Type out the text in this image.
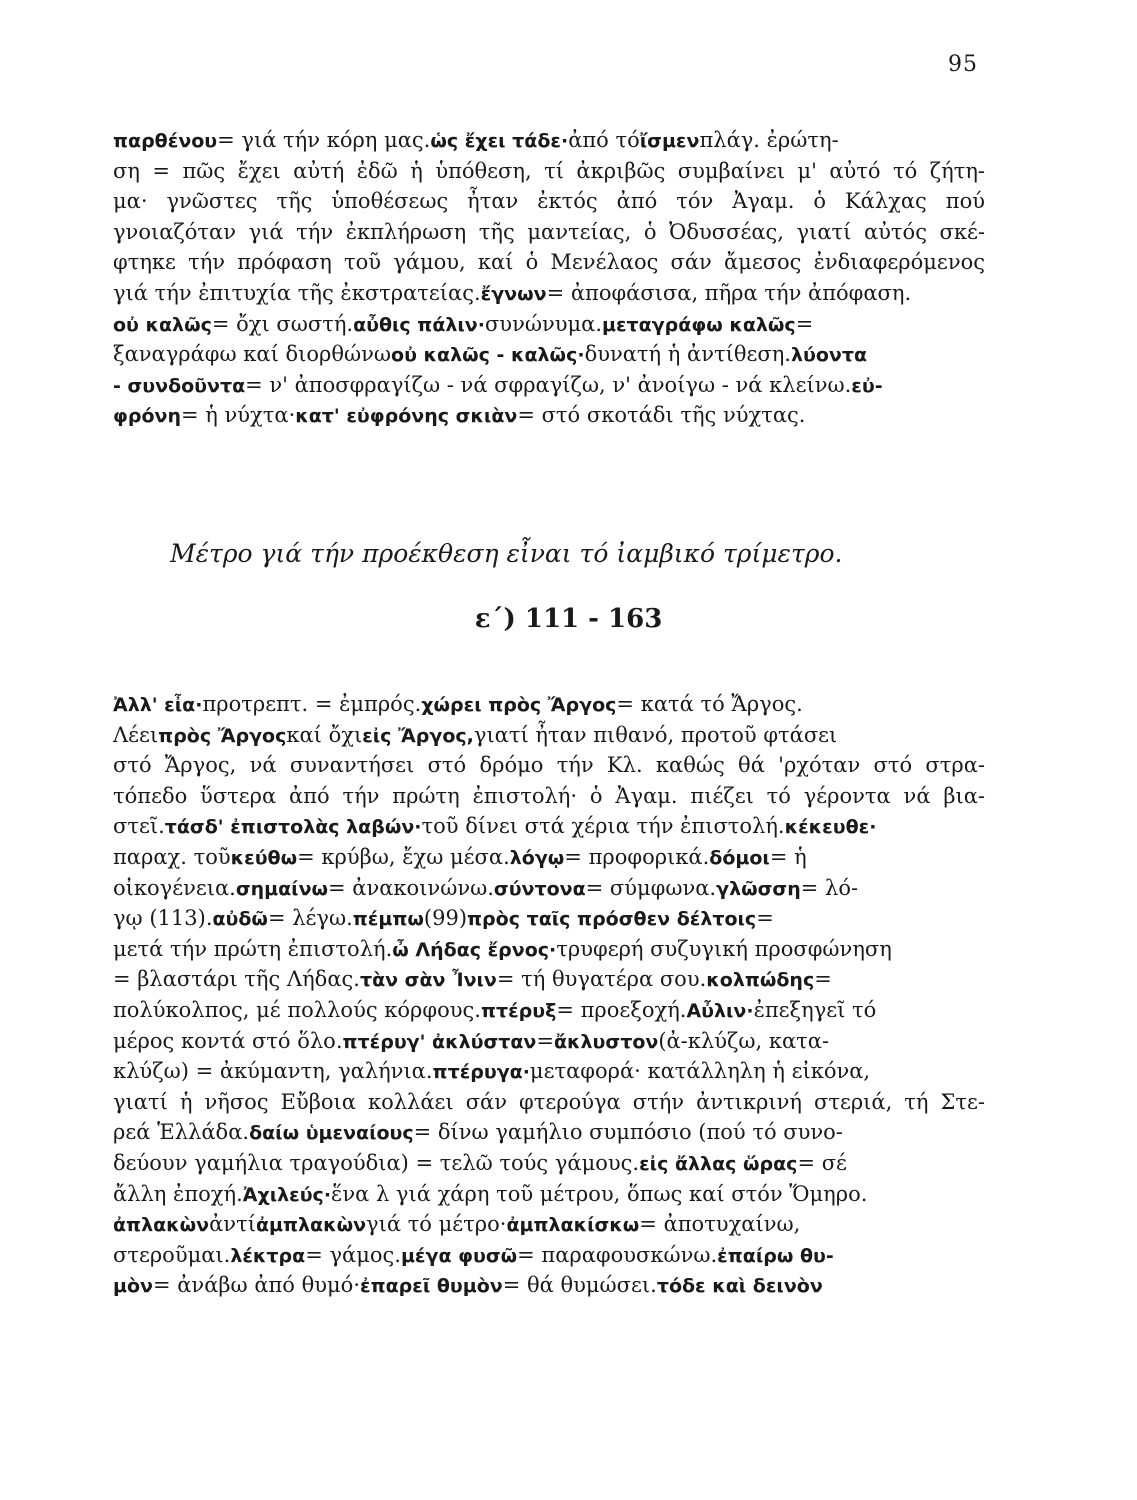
95
παρθένου= γιά τήν κόρη μας.ὡς ἔχει τάδε·ἀπό τόἴσμενπλάγ. ἐρώτη-
ση = πῶς ἔχει αὐτή ἐδῶ ἡ ὑπόθεση, τί ἀκριβῶς συμβαίνει μ' αὐτό τό ζήτη-
μα· γνῶστες τῆς ὑποθέσεως ἦταν ἐκτός ἀπό τόν Ἀγαμ. ὁ Κάλχας πού
γνοιαζόταν γιά τήν ἐκπλήρωση τῆς μαντείας, ὁ Ὀδυσσέας, γιατί αὐτός σκέ-
φτηκε τήν πρόφαση τοῦ γάμου, καί ὁ Μενέλαος σάν ἄμεσος ἐνδιαφερόμενος
γιά τήν ἐπιτυχία τῆς ἐκστρατείας.ἔγνων= ἀποφάσισα, πῆρα τήν ἀπόφαση.
οὐ καλῶς= ὄχι σωστή.αὖθις πάλιν·συνώνυμα.μεταγράφω καλῶς=
ξαναγράφω καί διορθώνωοὐ καλῶς - καλῶς·δυνατή ἡ ἀντίθεση.λύοντα
- συνδοῦντα= ν' ἀποσφραγίζω - νά σφραγίζω, ν' ἀνοίγω - νά κλείνω.εὐ-
φρόνη= ἡ νύχτα·κατ' εὐφρόνης σκιὰν= στό σκοτάδι τῆς νύχτας.
Μέτρο γιά τήν προέκθεση εἶναι τό ἰαμβικό τρίμετρο.
ε΄) 111 - 163
Ἀλλ' εἶα·προτρεπτ. = ἐμπρός.χώρει πρὸς Ἄργος= κατά τό Ἄργος.
Λέειπρὸς Ἄργοςκαί ὄχιεἰς Ἄργος,γιατί ἦταν πιθανό, προτοῦ φτάσει
στό Ἄργος, νά συναντήσει στό δρόμο τήν Κλ. καθώς θά 'ρχόταν στό στρα-
τόπεδο ὕστερα ἀπό τήν πρώτη ἐπιστολή· ὁ Ἀγαμ. πιέζει τό γέροντα νά βια-
στεῖ.τάσδ' ἐπιστολὰς λαβών·τοῦ δίνει στά χέρια τήν ἐπιστολή.κέκευθε·
παραχ. τοῦκεύθω= κρύβω, ἔχω μέσα.λόγῳ= προφορικά.δόμοι= ἡ
οἰκογένεια.σημαίνω= ἀνακοινώνω.σύντονα= σύμφωνα.γλῶσση= λό-
γῳ (113).αὐδῶ= λέγω.πέμπω(99)πρὸς ταῖς πρόσθεν δέλτοις=
μετά τήν πρώτη ἐπιστολή.ὦ Λήδας ἔρνος·τρυφερή συζυγική προσφώνηση
= βλαστάρι τῆς Λήδας.τὰν σὰν Ἶνιν= τή θυγατέρα σου.κολπώδης=
πολύκολπος, μέ πολλούς κόρφους.πτέρυξ= προεξοχή.Αὖλιν·ἐπεξηγεῖ τό
μέρος κοντά στό ὅλο.πτέρυγ' ἀκλύσταν=ἄκλυστον(ἀ-κλύζω, κατα-
κλύζω) = ἀκύμαντη, γαλήνια.πτέρυγα·μεταφορά· κατάλληλη ἡ εἰκόνα,
γιατί ἡ νῆσος Εὔβοια κολλάει σάν φτερούγα στήν ἀντικρινή στεριά, τή Στε-
ρεά Ἑλλάδα.δαίω ὑμεναίους= δίνω γαμήλιο συμπόσιο (πού τό συνο-
δεύουν γαμήλια τραγούδια) = τελῶ τούς γάμους.εἰς ἄλλας ὥρας= σέ
ἄλλη ἐποχή.Ἀχιλεύς·ἕνα λ γιά χάρη τοῦ μέτρου, ὅπως καί στόν Ὅμηρο.
ἀπλακὼνἀντίἀμπλακὼνγιά τό μέτρο·ἀμπλακίσκω= ἀποτυχαίνω,
στεροῦμαι.λέκτρα= γάμος.μέγα φυσῶ= παραφουσκώνω.ἐπαίρω θυ-
μὸν= ἀνάβω ἀπό θυμό·ἐπαρεῖ θυμὸν= θά θυμώσει.τόδε καὶ δεινὸν
